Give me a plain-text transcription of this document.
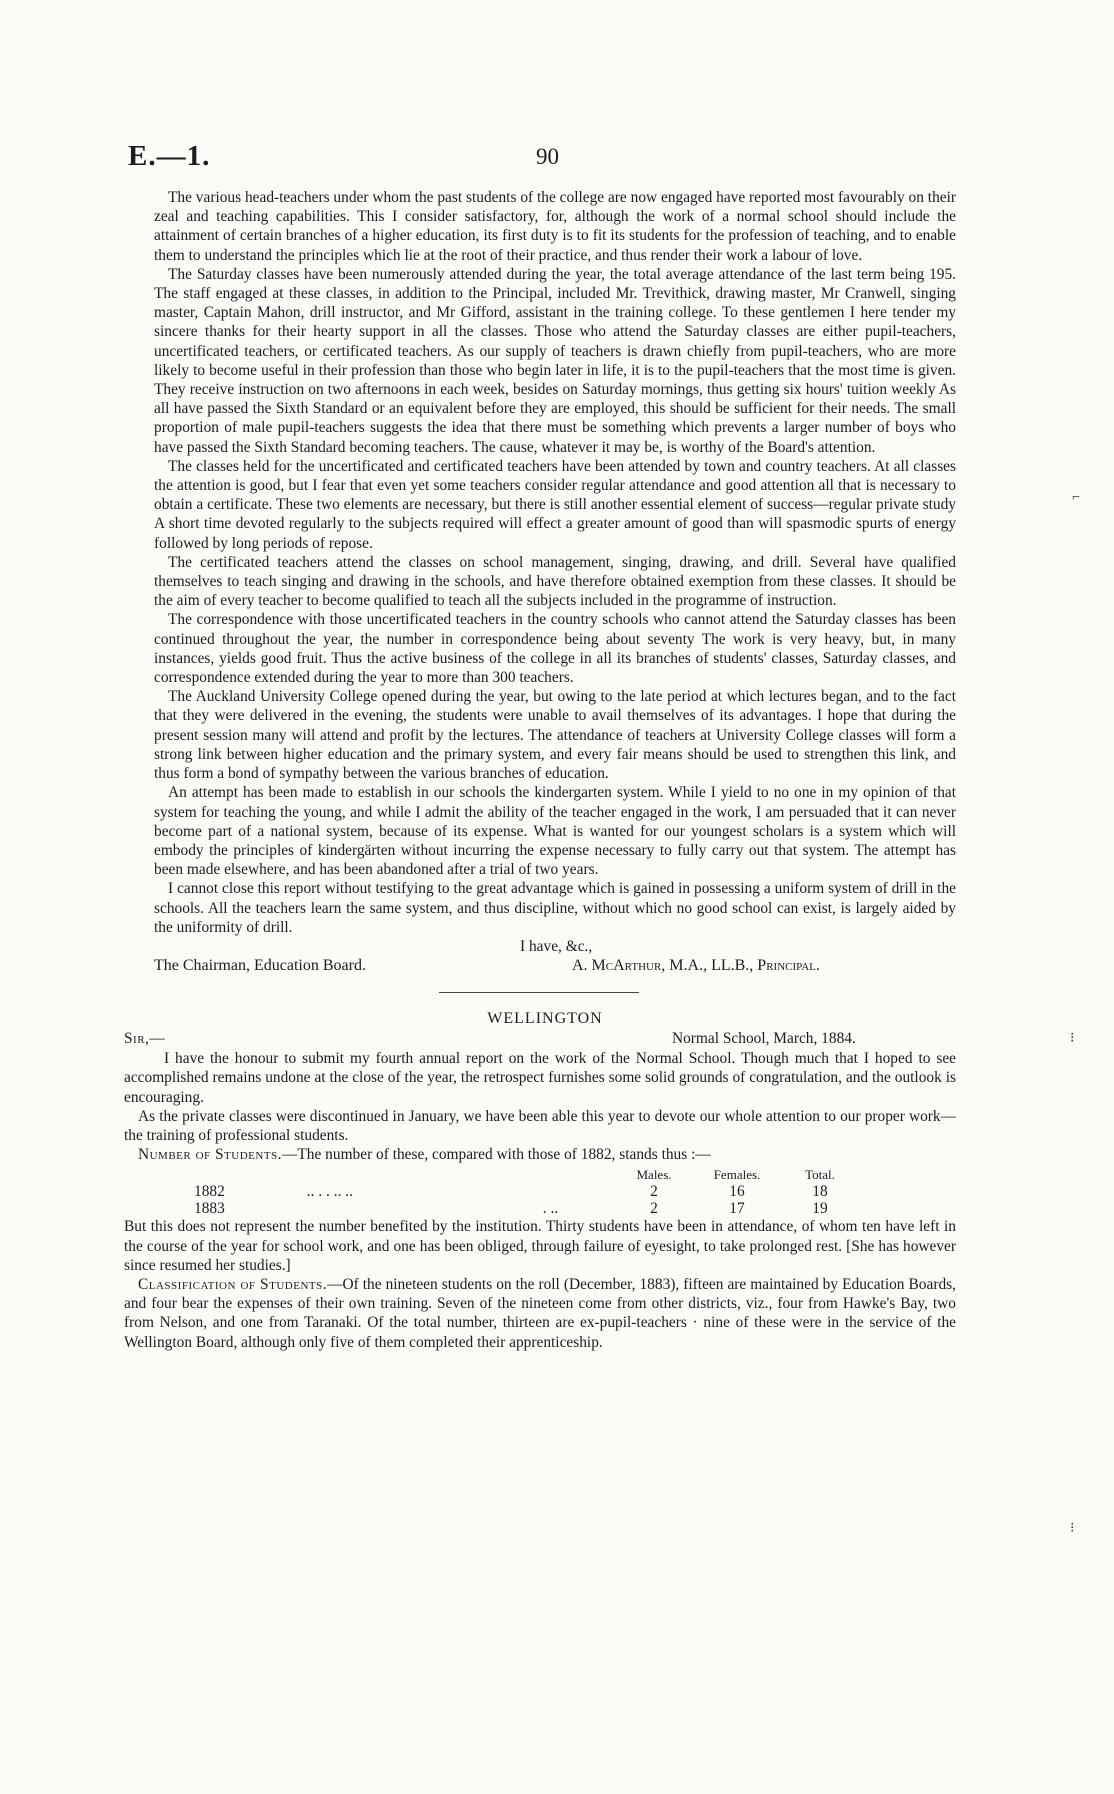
E.—1.	90

The various head-teachers under whom the past students of the college are now engaged have reported most favourably on their zeal and teaching capabilities. This I consider satisfactory, for, although the work of a normal school should include the attainment of certain branches of a higher education, its first duty is to fit its students for the profession of teaching, and to enable them to understand the principles which lie at the root of their practice, and thus render their work a labour of love.

The Saturday classes have been numerously attended during the year, the total average attendance of the last term being 195. The staff engaged at these classes, in addition to the Principal, included Mr. Trevithick, drawing master, Mr Cranwell, singing master, Captain Mahon, drill instructor, and Mr Gifford, assistant in the training college. To these gentlemen I here tender my sincere thanks for their hearty support in all the classes. Those who attend the Saturday classes are either pupil-teachers, uncertificated teachers, or certificated teachers. As our supply of teachers is drawn chiefly from pupil-teachers, who are more likely to become useful in their profession than those who begin later in life, it is to the pupil-teachers that the most time is given. They receive instruction on two afternoons in each week, besides on Saturday mornings, thus getting six hours' tuition weekly As all have passed the Sixth Standard or an equivalent before they are employed, this should be sufficient for their needs. The small proportion of male pupil-teachers suggests the idea that there must be something which prevents a larger number of boys who have passed the Sixth Standard becoming teachers. The cause, whatever it may be, is worthy of the Board's attention.

The classes held for the uncertificated and certificated teachers have been attended by town and country teachers. At all classes the attention is good, but I fear that even yet some teachers consider regular attendance and good attention all that is necessary to obtain a certificate. These two elements are necessary, but there is still another essential element of success—regular private study A short time devoted regularly to the subjects required will effect a greater amount of good than will spasmodic spurts of energy followed by long periods of repose.

The certificated teachers attend the classes on school management, singing, drawing, and drill. Several have qualified themselves to teach singing and drawing in the schools, and have therefore obtained exemption from these classes. It should be the aim of every teacher to become qualified to teach all the subjects included in the programme of instruction.

The correspondence with those uncertificated teachers in the country schools who cannot attend the Saturday classes has been continued throughout the year, the number in correspondence being about seventy The work is very heavy, but, in many instances, yields good fruit. Thus the active business of the college in all its branches of students' classes, Saturday classes, and correspondence extended during the year to more than 300 teachers.

The Auckland University College opened during the year, but owing to the late period at which lectures began, and to the fact that they were delivered in the evening, the students were unable to avail themselves of its advantages. I hope that during the present session many will attend and profit by the lectures. The attendance of teachers at University College classes will form a strong link between higher education and the primary system, and every fair means should be used to strengthen this link, and thus form a bond of sympathy between the various branches of education.

An attempt has been made to establish in our schools the kindergarten system. While I yield to no one in my opinion of that system for teaching the young, and while I admit the ability of the teacher engaged in the work, I am persuaded that it can never become part of a national system, because of its expense. What is wanted for our youngest scholars is a system which will embody the principles of kindergärten without incurring the expense necessary to fully carry out that system. The attempt has been made elsewhere, and has been abandoned after a trial of two years.

I cannot close this report without testifying to the great advantage which is gained in possessing a uniform system of drill in the schools. All the teachers learn the same system, and thus discipline, without which no good school can exist, is largely aided by the uniformity of drill.

I have, &c.,
The Chairman, Education Board.	A. McArthur, M.A., LL.B., Principal.
WELLINGTON
Sir,—	Normal School, March, 1884.

I have the honour to submit my fourth annual report on the work of the Normal School. Though much that I hoped to see accomplished remains undone at the close of the year, the retrospect furnishes some solid grounds of congratulation, and the outlook is encouraging.

As the private classes were discontinued in January, we have been able this year to devote our whole attention to our proper work—the training of professional students.

Number of Students.—The number of these, compared with those of 1882, stands thus :—

	Males.	Females.	Total.
1882 .. . . .. ..	2	16	18
1883 . ..	2	17	19

But this does not represent the number benefited by the institution. Thirty students have been in attendance, of whom ten have left in the course of the year for school work, and one has been obliged, through failure of eyesight, to take prolonged rest. [She has however since resumed her studies.]

Classification of Students.—Of the nineteen students on the roll (December, 1883), fifteen are maintained by Education Boards, and four bear the expenses of their own training. Seven of the nineteen come from other districts, viz., four from Hawke's Bay, two from Nelson, and one from Taranaki. Of the total number, thirteen are ex-pupil-teachers · nine of these were in the service of the Wellington Board, although only five of them completed their apprenticeship.

⌐
⁝
⁝
